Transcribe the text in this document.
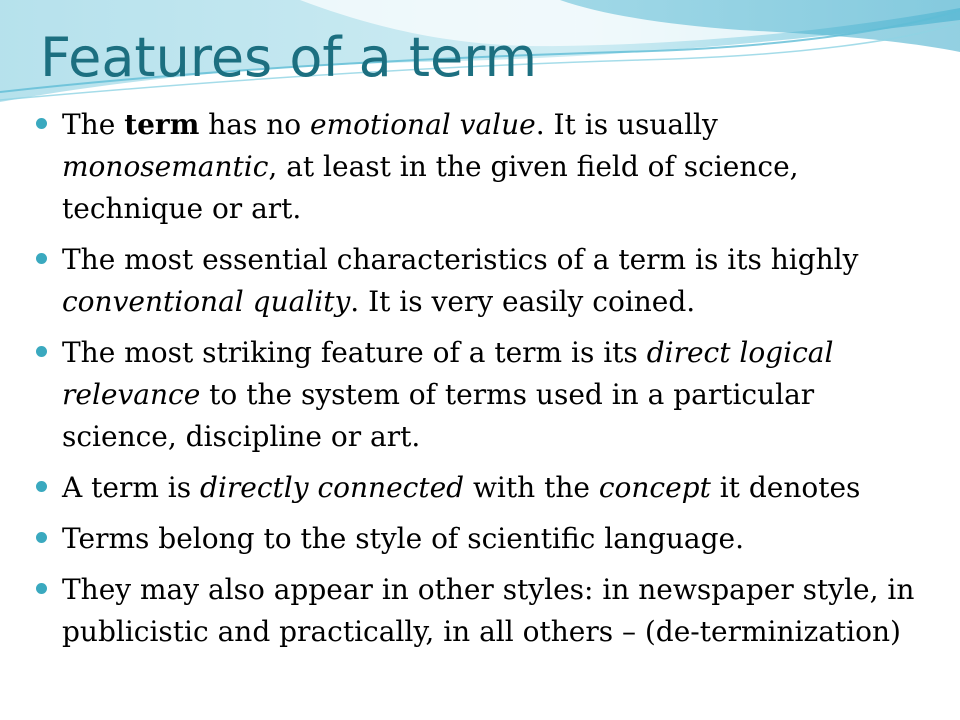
Features of a term
The term has no emotional value. It is usually monosemantic, at least in the given field of science, technique or art.
The most essential characteristics of a term is its highly conventional quality. It is very easily coined.
The most striking feature of a term is its direct logical relevance to the system of terms used in a particular science, discipline or art.
A term is directly connected with the concept it denotes
Terms belong to the style of scientific language.
They may also appear in other styles: in newspaper style, in publicistic and practically, in all others – (de-terminization)
